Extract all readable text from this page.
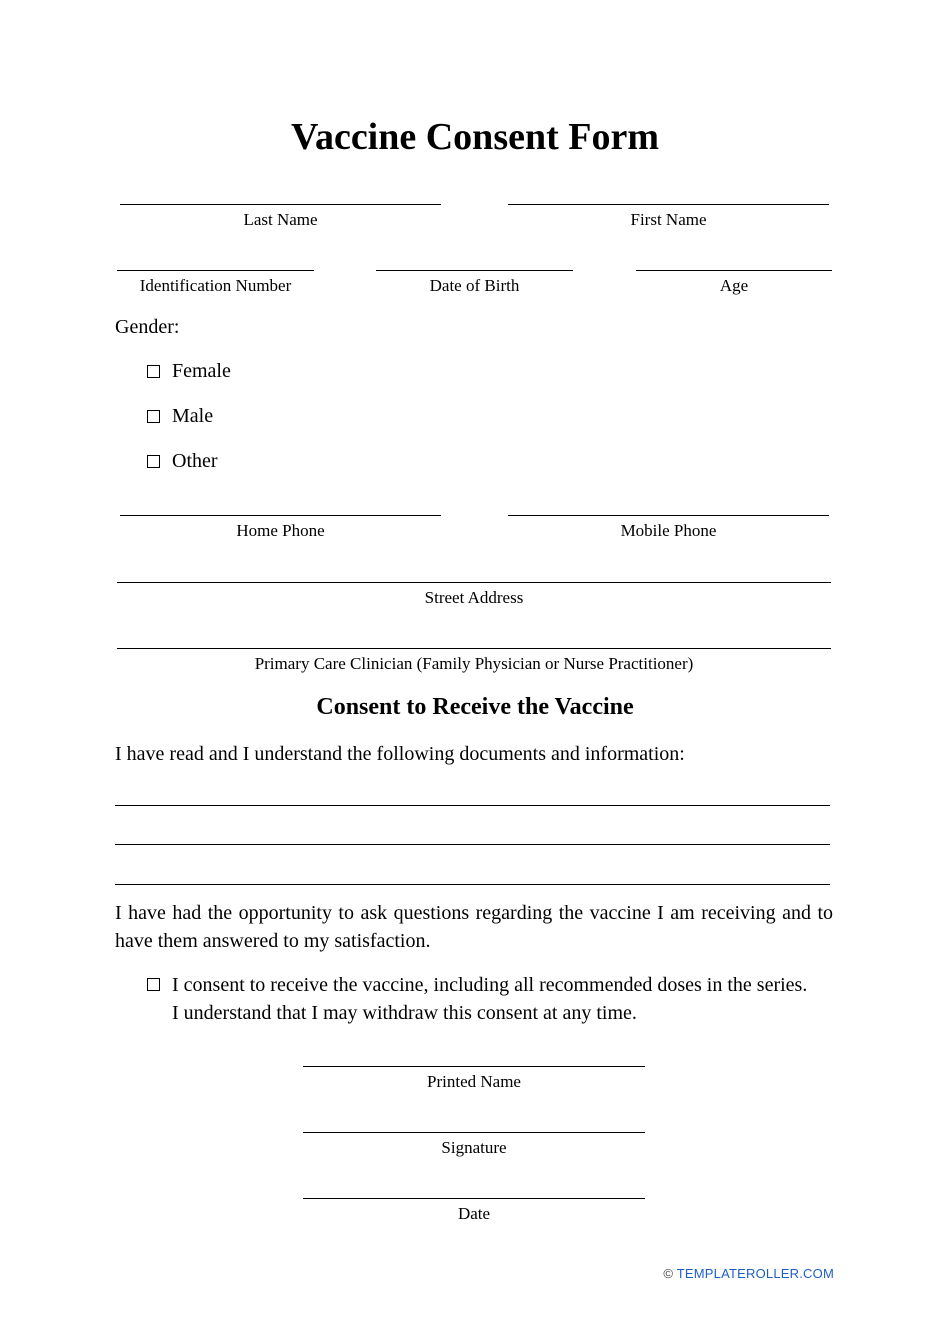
Vaccine Consent Form
Last Name	First Name
Identification Number	Date of Birth	Age

Gender:

Female
Male
Other
Home Phone	Mobile Phone
Street Address
Primary Care Clinician (Family Physician or Nurse Practitioner)
Consent to Receive the Vaccine

I have read and I understand the following documents and information:

I have had the opportunity to ask questions regarding the vaccine I am receiving and to have them answered to my satisfaction.

I consent to receive the vaccine, including all recommended doses in the series.

I understand that I may withdraw this consent at any time.

Printed Name
Signature
Date
© TEMPLATEROLLER.COM
